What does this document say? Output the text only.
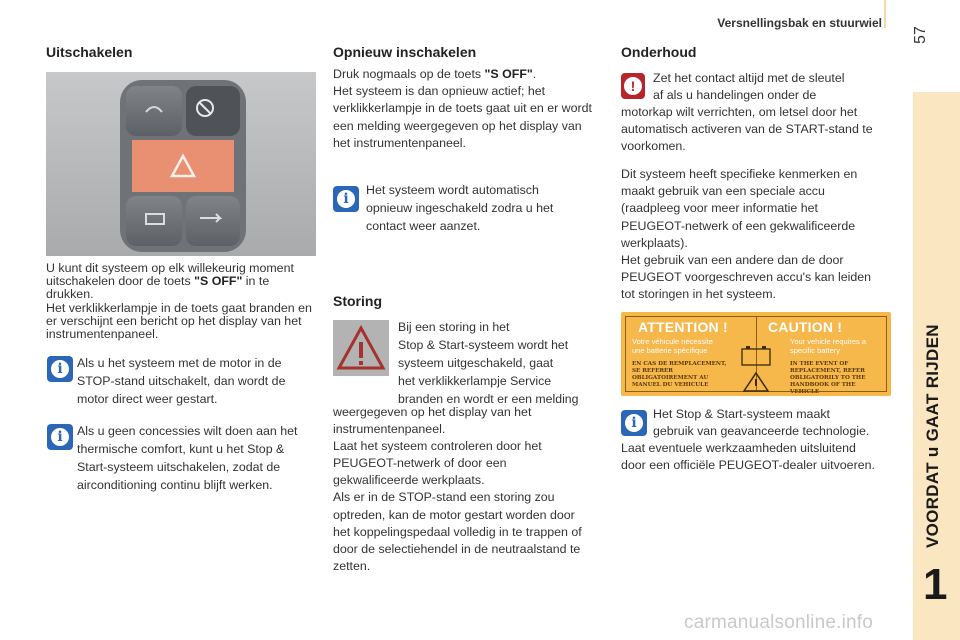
Versnellingsbak en stuurwiel
57
VOORDAT u GAAT RIJDEN
1
Uitschakelen

U kunt dit systeem op elk willekeurig moment uitschakelen door de toets "S OFF" in te drukken.

Het verklikkerlampje in de toets gaat branden en er verschijnt een bericht op het display van het instrumentenpaneel.

i	Als u het systeem met de motor in de STOP-stand uitschakelt, dan wordt de motor direct weer gestart.
i	Als u geen concessies wilt doen aan het thermische comfort, kunt u het Stop & Start-systeem uitschakelen, zodat de airconditioning continu blijft werken.
Opnieuw inschakelen

Druk nogmaals op de toets "S OFF".

Het systeem is dan opnieuw actief; het verklikkerlampje in de toets gaat uit en er wordt een melding weergegeven op het display van het instrumentenpaneel.

i
Het systeem wordt automatisch opnieuw ingeschakeld zodra u het contact weer aanzet.
Storing
Bij een storing in het
Stop & Start-systeem wordt het
systeem uitgeschakeld, gaat
het verklikkerlampje Service
branden en wordt er een melding

weergegeven op het display van het instrumentenpaneel.

Laat het systeem controleren door het PEUGEOT-netwerk of door een gekwalificeerde werkplaats.

Als er in de STOP-stand een storing zou optreden, kan de motor gestart worden door het koppelingspedaal volledig in te trappen of door de selectiehendel in de neutraalstand te zetten.

Onderhoud
!	Zet het contact altijd met de sleutel
af als u handelingen onder de
motorkap wilt verrichten, om letsel door het automatisch activeren van de START-stand te voorkomen.

Dit systeem heeft specifieke kenmerken en maakt gebruik van een speciale accu (raadpleeg voor meer informatie het PEUGEOT-netwerk of een gekwalificeerde werkplaats).

Het gebruik van een andere dan de door PEUGEOT voorgeschreven accu's kan leiden tot storingen in het systeem.

ATTENTION !
Votre véhicule nécessite une batterie spécifique
EN CAS DE REMPLACEMENT, SE REFERER OBLIGATOIREMENT AU MANUEL DU VEHICULE
CAUTION !
Your vehicle requires a specific battery
IN THE EVENT OF REPLACEMENT, REFER OBLIGATORILY TO THE HANDBOOK OF THE VEHICLE
i
Het Stop & Start-systeem maakt
gebruik van geavanceerde technologie.
Laat eventuele werkzaamheden uitsluitend door een officiële PEUGEOT-dealer uitvoeren.
carmanualsonline.info
